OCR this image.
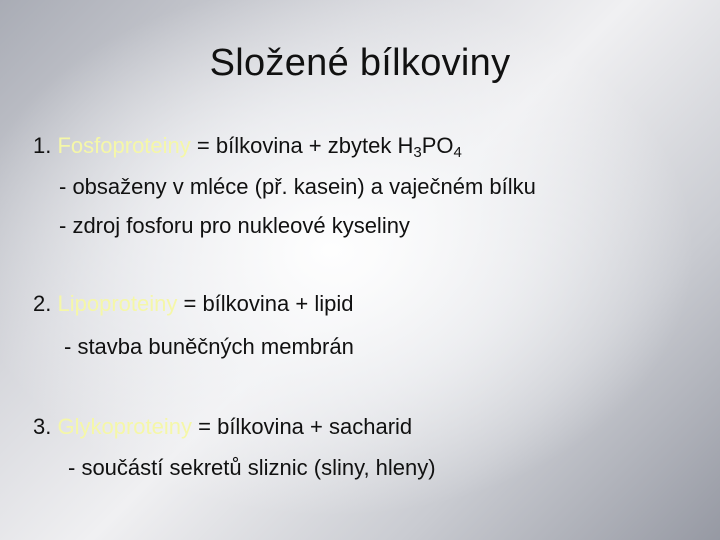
Složené bílkoviny
1. Fosfoproteiny = bílkovina + zbytek $H_3PO_4$
- obsaženy v mléce (př. kasein) a vaječném bílku
- zdroj fosforu pro nukleové kyseliny
2. Lipoproteiny = bílkovina + lipid
- stavba buněčných membrán
3. Glykoproteiny = bílkovina + sacharid
- součástí sekretů sliznic (sliny, hleny)
